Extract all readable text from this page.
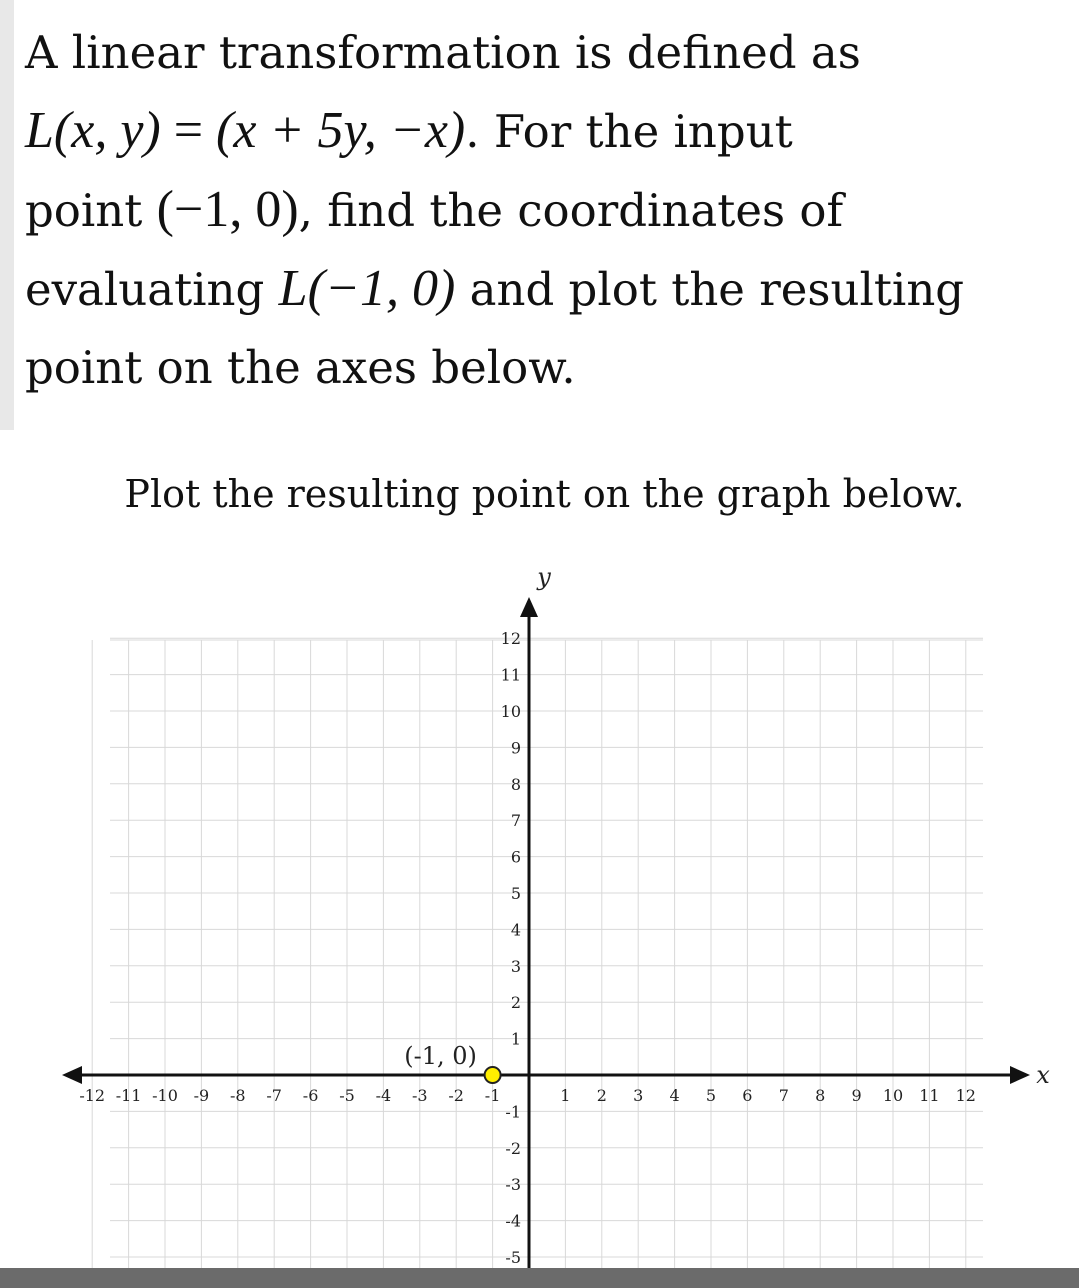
A linear transformation is defined as
L(x, y) = (x + 5y, −x). For the input
point (−1, 0), find the coordinates of
evaluating L(−1, 0) and plot the resulting
point on the axes below.

Plot the resulting point on the graph below.

x
y
-12 -11 -10 -9 -8 -7 -6 -5 -4 -3 -2 -1	1 2 3 4 5 6 7 8 9 10 11 12
12
11
10
9
8
7
6
5
4
3
2
1
-1
-2
-3
-4
-5
(-1, 0)
